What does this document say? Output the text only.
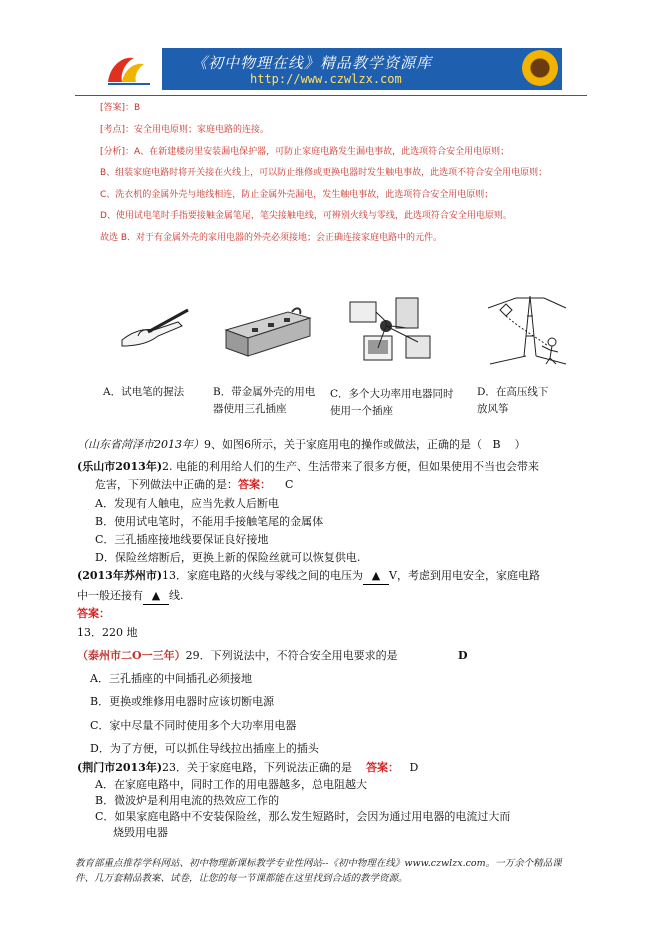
《初中物理在线》精品教学资源库
http://www.czwlzx.com
[答案]：B
[考点]：安全用电原则；家庭电路的连接。
[分析]：A、在新建楼房里安装漏电保护器，可防止家庭电路发生漏电事故，此选项符合安全用电原则；
B、组装家庭电路时将开关接在火线上，可以防止维修或更换电器时发生触电事故，此选项不符合安全用电原则；
C、洗衣机的金属外壳与地线相连，防止金属外壳漏电，发生触电事故，此选项符合安全用电原则；
D、使用试电笔时手指要接触金属笔尾，笔尖接触电线，可辨别火线与零线，此选项符合安全用电原则。
故选 B．对于有金属外壳的家用电器的外壳必须接地；会正确连接家庭电路中的元件。
A．试电笔的握法	B．带金属外壳的用电器使用三孔插座
C．多个大功率用电器同时使用一个插座
D．在高压线下放风筝
（山东省菏泽市2013年）9、如图6所示，关于家庭用电的操作或做法，正确的是（ B ）
(乐山市2013年)2. 电能的利用给人们的生产、生活带来了很多方便，但如果使用不当也会带来
危害，下列做法中正确的是：答案： C
A．发现有人触电，应当先救人后断电
B．使用试电笔时，不能用手接触笔尾的金属体
C．三孔插座接地线要保证良好接地
D．保险丝熔断后，更换上新的保险丝就可以恢复供电.
(2013年苏州市)13．家庭电路的火线与零线之间的电压为 ▲ V，考虑到用电安全，家庭电路
中一般还接有 ▲ 线.
答案：
13．220 地
（泰州市二O一三年）29．下列说法中，不符合安全用电要求的是	D
A．三孔插座的中间插孔必须接地
B．更换或维修用电器时应该切断电源
C．家中尽量不同时使用多个大功率用电器
D．为了方便，可以抓住导线拉出插座上的插头
(荆门市2013年)23．关于家庭电路，下列说法正确的是 答案： D
A．在家庭电路中，同时工作的用电器越多，总电阻越大
B．微波炉是利用电流的热效应工作的
C．如果家庭电路中不安装保险丝，那么发生短路时，会因为通过用电器的电流过大而
烧毁用电器
教育部重点推荐学科网站、初中物理新课标教学专业性网站--《初中物理在线》www.czwlzx.com。一万余个精品课
件、几万套精品教案、试卷，让您的每一节课都能在这里找到合适的教学资源。
